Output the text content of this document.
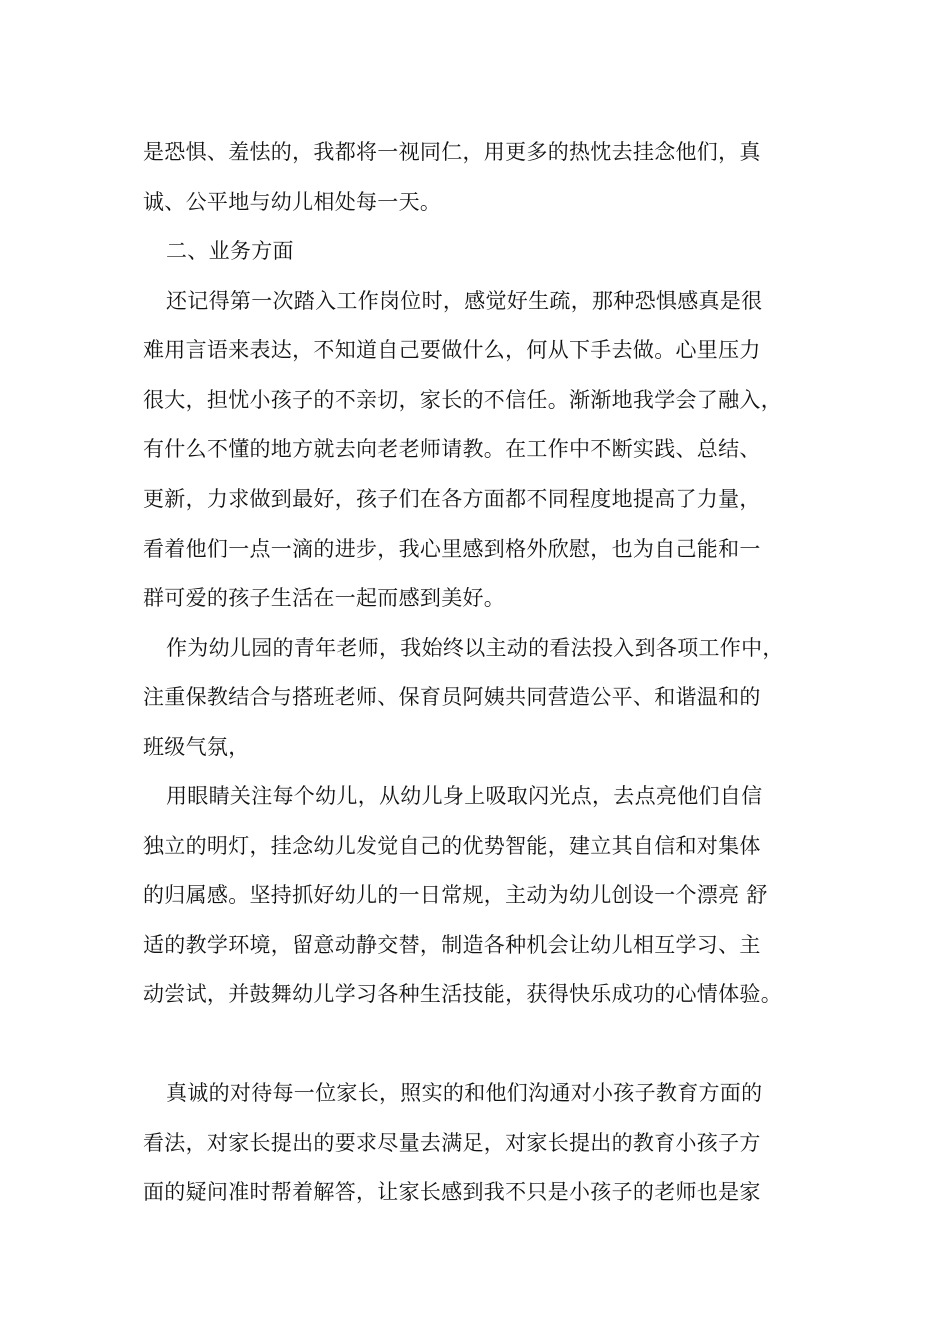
是恐惧、羞怯的，我都将一视同仁，用更多的热忱去挂念他们，真
诚、公平地与幼儿相处每一天。
二、业务方面
还记得第一次踏入工作岗位时，感觉好生疏，那种恐惧感真是很
难用言语来表达，不知道自己要做什么，何从下手去做。心里压力
很大，担忧小孩子的不亲切，家长的不信任。渐渐地我学会了融入，
有什么不懂的地方就去向老老师请教。在工作中不断实践、总结、
更新，力求做到最好，孩子们在各方面都不同程度地提高了力量，
看着他们一点一滴的进步，我心里感到格外欣慰，也为自己能和一
群可爱的孩子生活在一起而感到美好。
作为幼儿园的青年老师，我始终以主动的看法投入到各项工作中，
注重保教结合与搭班老师、保育员阿姨共同营造公平、和谐温和的
班级气氛，
用眼睛关注每个幼儿，从幼儿身上吸取闪光点，去点亮他们自信
独立的明灯，挂念幼儿发觉自己的优势智能，建立其自信和对集体
的归属感。坚持抓好幼儿的一日常规，主动为幼儿创设一个漂亮 舒
适的教学环境，留意动静交替，制造各种机会让幼儿相互学习、主
动尝试，并鼓舞幼儿学习各种生活技能，获得快乐成功的心情体验。
真诚的对待每一位家长，照实的和他们沟通对小孩子教育方面的
看法，对家长提出的要求尽量去满足，对家长提出的教育小孩子方
面的疑问准时帮着解答，让家长感到我不只是小孩子的老师也是家
